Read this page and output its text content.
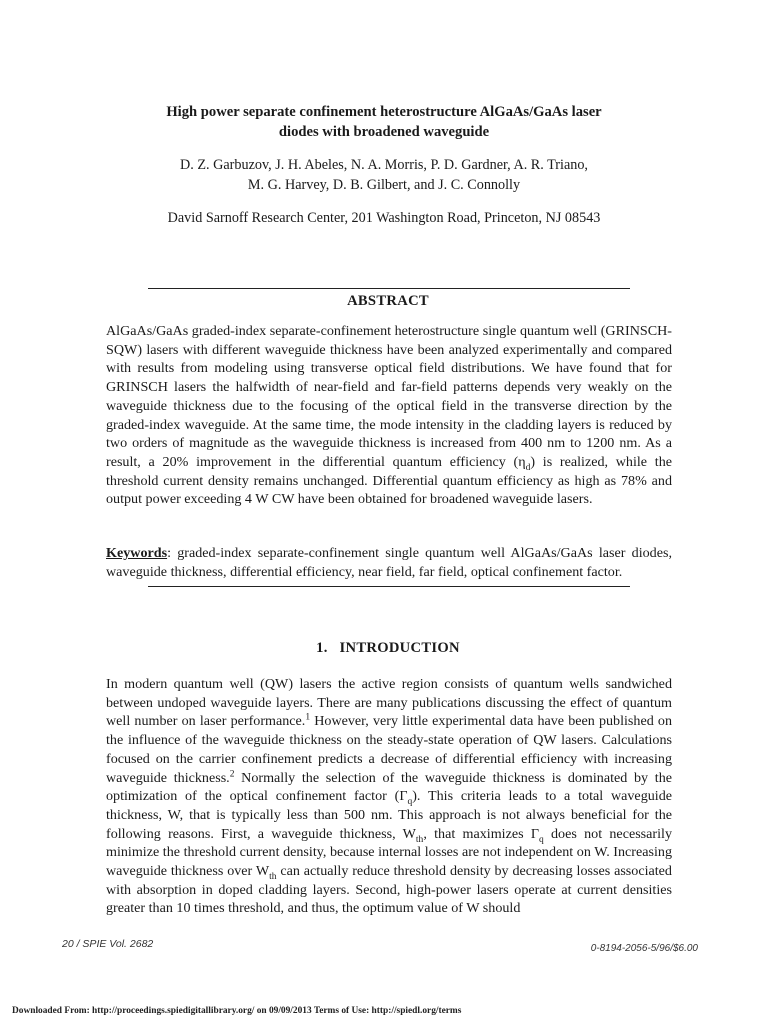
High power separate confinement heterostructure AlGaAs/GaAs laser
diodes with broadened waveguide
D. Z. Garbuzov, J. H. Abeles, N. A. Morris, P. D. Gardner, A. R. Triano,
M. G. Harvey, D. B. Gilbert, and J. C. Connolly
David Sarnoff Research Center, 201 Washington Road, Princeton, NJ 08543
ABSTRACT
AlGaAs/GaAs graded-index separate-confinement heterostructure single quantum well (GRINSCH-SQW) lasers with different waveguide thickness have been analyzed experimentally and compared with results from modeling using transverse optical field distributions. We have found that for GRINSCH lasers the halfwidth of near-field and far-field patterns depends very weakly on the waveguide thickness due to the focusing of the optical field in the transverse direction by the graded-index waveguide. At the same time, the mode intensity in the cladding layers is reduced by two orders of magnitude as the waveguide thickness is increased from 400 nm to 1200 nm. As a result, a 20% improvement in the differential quantum efficiency $(\eta_d)$ is realized, while the threshold current density remains unchanged. Differential quantum efficiency as high as 78% and output power exceeding 4 W CW have been obtained for broadened waveguide lasers.
Keywords: graded-index separate-confinement single quantum well AlGaAs/GaAs laser diodes, waveguide thickness, differential efficiency, near field, far field, optical confinement factor.
1.   INTRODUCTION
In modern quantum well (QW) lasers the active region consists of quantum wells sandwiched between undoped waveguide layers. There are many publications discussing the effect of quantum well number on laser performance.$^1$ However, very little experimental data have been published on the influence of the waveguide thickness on the steady-state operation of QW lasers. Calculations focused on the carrier confinement predicts a decrease of differential efficiency with increasing waveguide thickness.$^2$ Normally the selection of the waveguide thickness is dominated by the optimization of the optical confinement factor $(\Gamma_q)$. This criteria leads to a total waveguide thickness, W, that is typically less than 500 nm. This approach is not always beneficial for the following reasons. First, a waveguide thickness, $W_{th}$, that maximizes $\Gamma_q$ does not necessarily minimize the threshold current density, because internal losses are not independent on W. Increasing waveguide thickness over $W_{th}$ can actually reduce threshold density by decreasing losses associated with absorption in doped cladding layers. Second, high-power lasers operate at current densities greater than 10 times threshold, and thus, the optimum value of W should
20 / SPIE Vol. 2682	0-8194-2056-5/96/$6.00
Downloaded From: http://proceedings.spiedigitallibrary.org/ on 09/09/2013 Terms of Use: http://spiedl.org/terms
